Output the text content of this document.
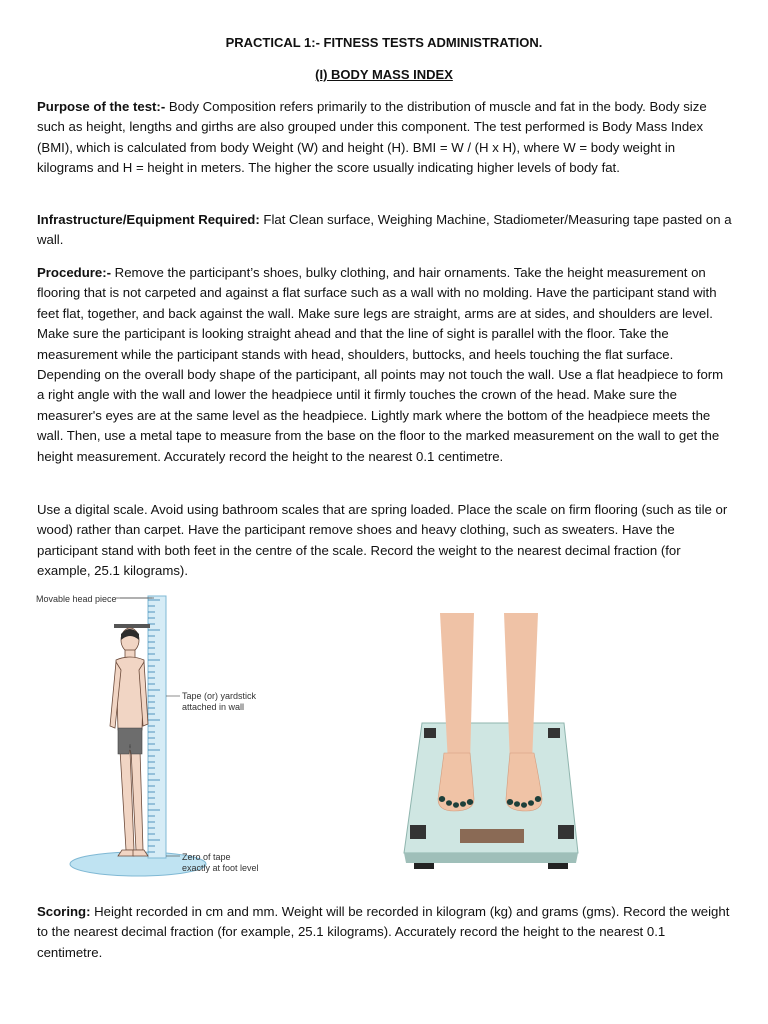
PRACTICAL 1:- FITNESS TESTS ADMINISTRATION.
(I) BODY MASS INDEX

Purpose of the test:- Body Composition refers primarily to the distribution of muscle and fat in the body. Body size such as height, lengths and girths are also grouped under this component. The test performed is Body Mass Index (BMI), which is calculated from body Weight (W) and height (H). BMI = W / (H x H), where W = body weight in kilograms and H = height in meters. The higher the score usually indicating higher levels of body fat.

Infrastructure/Equipment Required: Flat Clean surface, Weighing Machine, Stadiometer/Measuring tape pasted on a wall.

Procedure:- Remove the participant’s shoes, bulky clothing, and hair ornaments. Take the height measurement on flooring that is not carpeted and against a flat surface such as a wall with no molding. Have the participant stand with feet flat, together, and back against the wall. Make sure legs are straight, arms are at sides, and shoulders are level. Make sure the participant is looking straight ahead and that the line of sight is parallel with the floor. Take the measurement while the participant stands with head, shoulders, buttocks, and heels touching the flat surface. Depending on the overall body shape of the participant, all points may not touch the wall. Use a flat headpiece to form a right angle with the wall and lower the headpiece until it firmly touches the crown of the head. Make sure the measurer's eyes are at the same level as the headpiece. Lightly mark where the bottom of the headpiece meets the wall. Then, use a metal tape to measure from the base on the floor to the marked measurement on the wall to get the height measurement. Accurately record the height to the nearest 0.1 centimetre.

Use a digital scale. Avoid using bathroom scales that are spring loaded. Place the scale on firm flooring (such as tile or wood) rather than carpet. Have the participant remove shoes and heavy clothing, such as sweaters. Have the participant stand with both feet in the centre of the scale. Record the weight to the nearest decimal fraction (for example, 25.1 kilograms).

Movable head piece
Tape (or) yardstick
attached in wall
Zero of tape
exactly at foot level

Scoring: Height recorded in cm and mm. Weight will be recorded in kilogram (kg) and grams (gms). Record the weight to the nearest decimal fraction (for example, 25.1 kilograms). Accurately record the height to the nearest 0.1 centimetre.
